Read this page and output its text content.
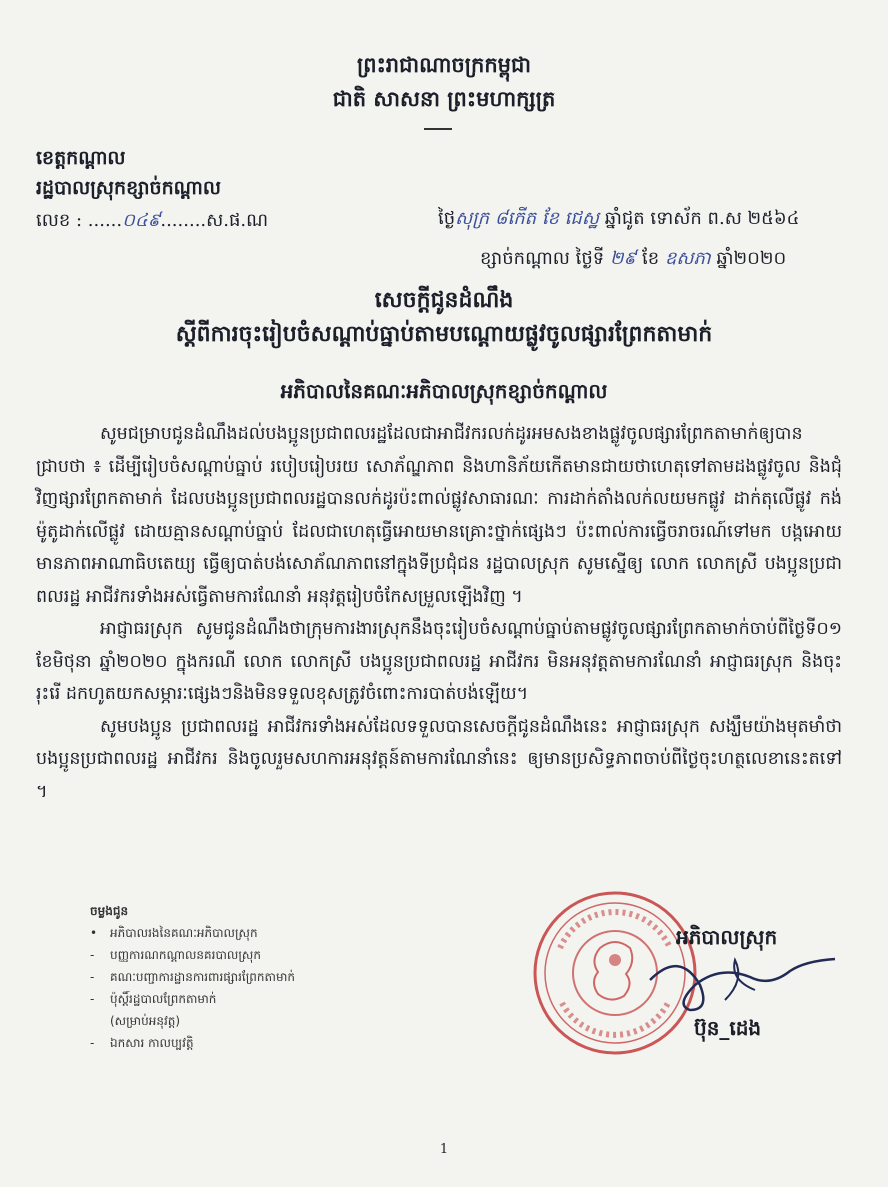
ព្រះរាជាណាចក្រកម្ពុជា
ជាតិ សាសនា ព្រះមហាក្សត្រ
ខេត្តកណ្ដាល
រដ្ឋបាលស្រុកខ្សាច់កណ្ដាល
លេខ : ......០៤៩........ស.ផ.ណ	ថ្ងៃសុក្រ ៨កើត ខែ ជេស្ឋ ឆ្នាំជូត ទោស័ក ព.ស ២៥៦៤
ខ្សាច់កណ្ដាល ថ្ងៃទី ២៩ ខែ ឧសភា ឆ្នាំ២០២០
សេចក្ដីជូនដំណឹង
ស្ដីពីការចុះរៀបចំសណ្ដាប់ធ្នាប់តាមបណ្ដោយផ្លូវចូលផ្សារព្រែកតាមាក់
អភិបាលនៃគណៈអភិបាលស្រុកខ្សាច់កណ្ដាល

សូមជម្រាបជូនដំណឹងដល់បងប្អូនប្រជាពលរដ្ឋដែលជាអាជីវករលក់ដូរអមសងខាងផ្លូវចូលផ្សារព្រែកតាមាក់ឲ្យបានជ្រាបថា ៖ ដើម្បីរៀបចំសណ្ដាប់ធ្នាប់ របៀបរៀបរយ សោភ័ណ្ឌភាព និងហានិភ័យកើតមានជាយថាហេតុទៅតាមដងផ្លូវចូល និងជុំវិញផ្សារព្រែកតាមាក់ ដែលបងប្អូនប្រជាពលរដ្ឋបានលក់ដូរប៉ះពាល់ផ្លូវសាធារណៈ ការដាក់តាំងលក់លយមកផ្លូវ ដាក់តុលើផ្លូវ កង់ ម៉ូតូដាក់លើផ្លូវ ដោយគ្មានសណ្ដាប់ធ្នាប់ ដែលជាហេតុធ្វើអោយមានគ្រោះថ្នាក់ផ្សេងៗ ប៉ះពាល់ការធ្វើចរាចរណ៍ទៅមក បង្កអោយមានភាពអាណាធិបតេយ្យ ធ្វើឲ្យបាត់បង់សោភ័ណភាពនៅក្នុងទីប្រជុំជន រដ្ឋបាលស្រុក សូមស្នើឲ្យ លោក លោកស្រី បងប្អូនប្រជាពលរដ្ឋ អាជីវករទាំងអស់ធ្វើតាមការណែនាំ អនុវត្តរៀបចំកែសម្រួលឡើងវិញ ។

អាជ្ញាធរស្រុក សូមជូនដំណឹងថាក្រុមការងារស្រុកនឹងចុះរៀបចំសណ្ដាប់ធ្នាប់តាមផ្លូវចូលផ្សារព្រែកតាមាក់ចាប់ពីថ្ងៃទី០១ ខែមិថុនា ឆ្នាំ២០២០ ក្នុងករណី លោក លោកស្រី បងប្អូនប្រជាពលរដ្ឋ អាជីវករ មិនអនុវត្តតាមការណែនាំ អាជ្ញាធរស្រុក និងចុះរុះរើ ដកហូតយកសម្ភារៈផ្សេងៗនិងមិនទទួលខុសត្រូវចំពោះការបាត់បង់ឡើយ។

សូមបងប្អូន ប្រជាពលរដ្ឋ អាជីវករទាំងអស់ដែលទទួលបានសេចក្ដីជូនដំណឹងនេះ អាជ្ញាធរស្រុក សង្ឃឹមយ៉ាងមុតមាំថា បងប្អូនប្រជាពលរដ្ឋ អាជីវករ និងចូលរួមសហការអនុវត្តន៍តាមការណែនាំនេះ ឲ្យមានប្រសិទ្ធភាពចាប់ពីថ្ងៃចុះហត្ថលេខានេះតទៅ ។

ចម្លងជូន
• អភិបាលរងនៃគណៈអភិបាលស្រុក
- បញ្ញការណកណ្ដាលនគរបាលស្រុក
- គណៈបញ្ជាការដ្ឋានការពារផ្សារព្រែកតាមាក់
- ប៉ុស្ដិ៍រដ្ឋបាលព្រែកតាមាក់
(សម្រាប់អនុវត្ត)
- ឯកសារ កាលប្បវត្តិ
អភិបាលស្រុក
ប៊ុន_ដេង
1
